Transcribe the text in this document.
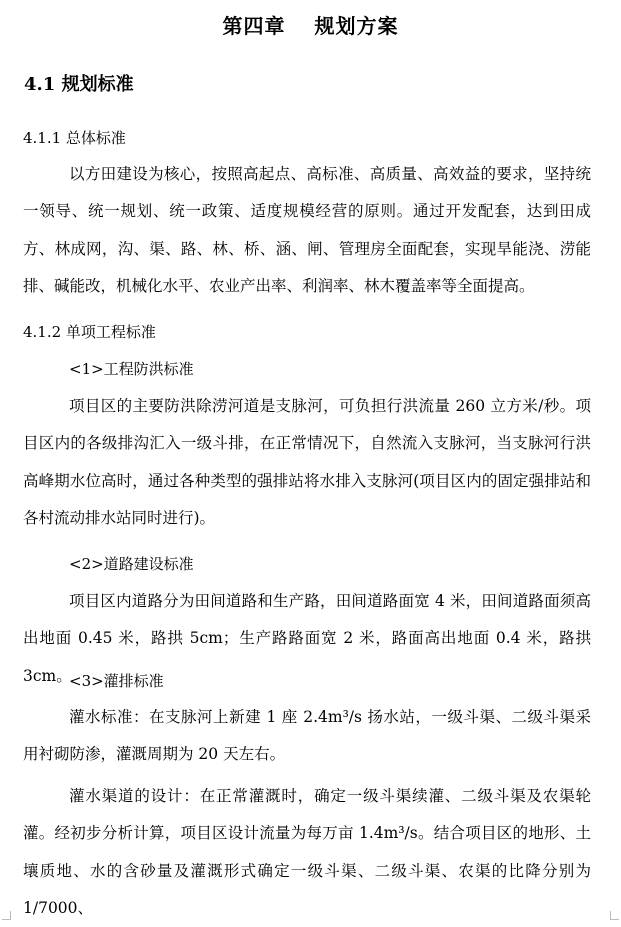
第四章　 规划方案
4.1 规划标准
4.1.1 总体标准

以方田建设为核心，按照高起点、高标准、高质量、高效益的要求，坚持统一领导、统一规划、统一政策、适度规模经营的原则。通过开发配套，达到田成方、林成网，沟、渠、路、林、桥、涵、闸、管理房全面配套，实现旱能浇、涝能排、碱能改，机械化水平、农业产出率、利润率、林木覆盖率等全面提高。

4.1.2 单项工程标准
<1>工程防洪标准

项目区的主要防洪除涝河道是支脉河，可负担行洪流量 260 立方米/秒。项目区内的各级排沟汇入一级斗排，在正常情况下，自然流入支脉河，当支脉河行洪高峰期水位高时，通过各种类型的强排站将水排入支脉河(项目区内的固定强排站和各村流动排水站同时进行)。

<2>道路建设标准

项目区内道路分为田间道路和生产路，田间道路面宽 4 米，田间道路面须高出地面 0.45 米，路拱 5cm；生产路路面宽 2 米，路面高出地面 0.4 米，路拱 3cm。

<3>灌排标准

灌水标准：在支脉河上新建 1 座 2.4m³/s 扬水站，一级斗渠、二级斗渠采用衬砌防渗，灌溉周期为 20 天左右。

灌水渠道的设计：在正常灌溉时，确定一级斗渠续灌、二级斗渠及农渠轮灌。经初步分析计算，项目区设计流量为每万亩 1.4m³/s。结合项目区的地形、土壤质地、水的含砂量及灌溉形式确定一级斗渠、二级斗渠、农渠的比降分别为 1/7000、
